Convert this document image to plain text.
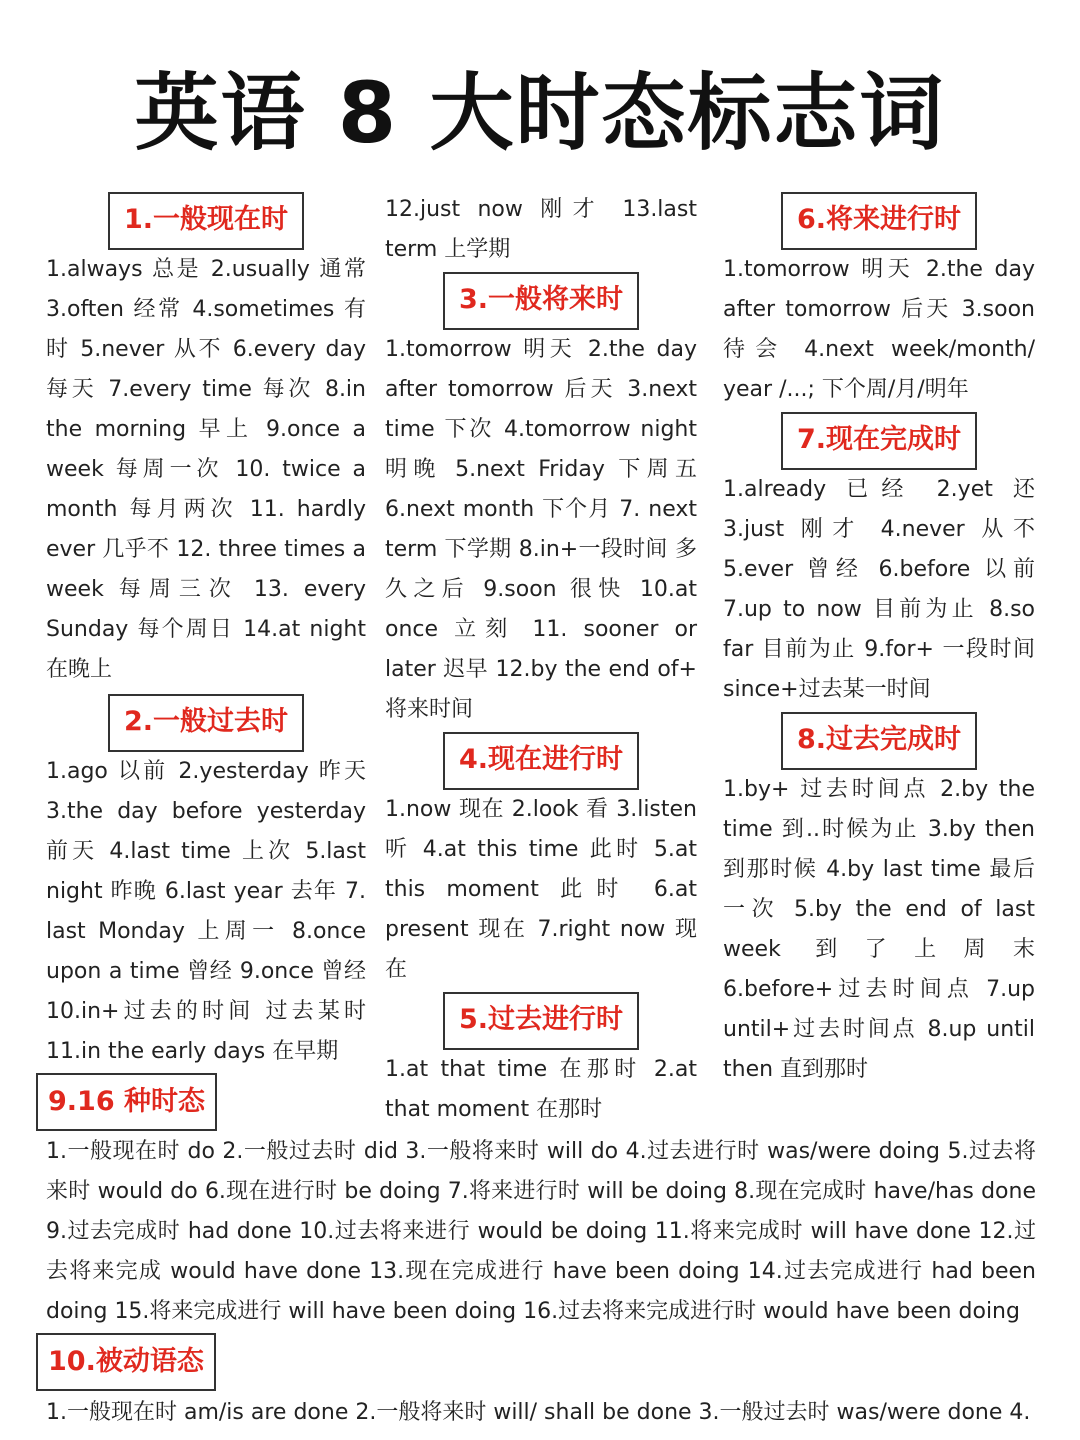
英语 8 大时态标志词
1.一般现在时

1.always 总是 2.usually 通常 3.often 经常 4.sometimes 有时 5.never 从不 6.every day 每天 7.every time 每次 8.in the morning 早上 9.once a week 每周一次 10. twice a month 每月两次 11. hardly ever 几乎不 12. three times a week 每周三次 13. every Sunday 每个周日 14.at night 在晚上

2.一般过去时

1.ago 以前 2.yesterday 昨天 3.the day before yesterday 前天 4.last time 上次 5.last night 昨晚 6.last year 去年 7. last Monday 上周一 8.once upon a time 曾经 9.once 曾经 10.in+过去的时间 过去某时 11.in the early days 在早期

12.just now 刚才 13.last term 上学期

3.一般将来时

1.tomorrow 明天 2.the day after tomorrow 后天 3.next time 下次 4.tomorrow night 明晚 5.next Friday 下周五 6.next month 下个月 7. next term 下学期 8.in+一段时间 多久之后 9.soon 很快 10.at once 立刻 11. sooner or later 迟早 12.by the end of+ 将来时间

4.现在进行时

1.now 现在 2.look 看 3.listen 听 4.at this time 此时 5.at this moment 此时 6.at present 现在 7.right now 现在

5.过去进行时

1.at that time 在那时 2.at that moment 在那时

6.将来进行时

1.tomorrow 明天 2.the day after tomorrow 后天 3.soon 待会 4.next week/month/ year /...; 下个周/月/明年

7.现在完成时

1.already 已经 2.yet 还 3.just 刚才 4.never 从不 5.ever 曾经 6.before 以前 7.up to now 目前为止 8.so far 目前为止 9.for+ 一段时间 since+过去某一时间

8.过去完成时

1.by+ 过去时间点 2.by the time 到..时候为止 3.by then 到那时候 4.by last time 最后一次 5.by the end of last week 到了上周末 6.before+过去时间点 7.up until+过去时间点 8.up until then 直到那时

9.16 种时态

1.一般现在时 do 2.一般过去时 did 3.一般将来时 will do 4.过去进行时 was/were doing 5.过去将来时 would do 6.现在进行时 be doing 7.将来进行时 will be doing 8.现在完成时 have/has done 9.过去完成时 had done 10.过去将来进行 would be doing 11.将来完成时 will have done 12.过去将来完成 would have done 13.现在完成进行 have been doing 14.过去完成进行 had been doing 15.将来完成进行 will have been doing 16.过去将来完成进行时 would have been doing

10.被动语态

1.一般现在时 am/is are done 2.一般将来时 will/ shall be done 3.一般过去时 was/were done 4.
